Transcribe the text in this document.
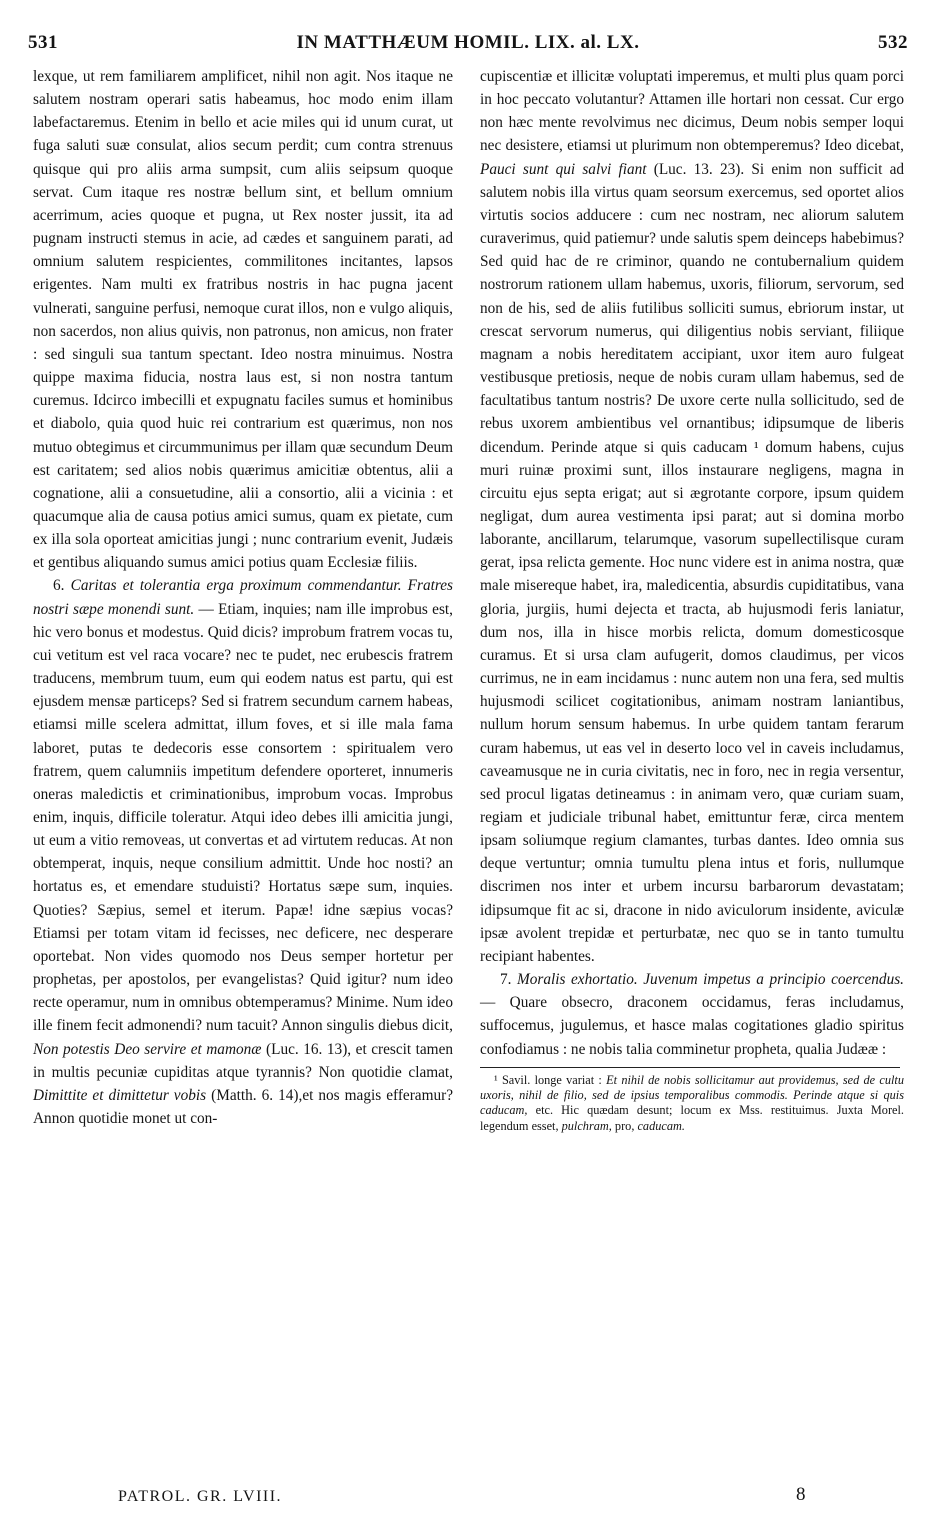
531	IN MATTHÆUM HOMIL. LIX. al. LX.	532

lexque, ut rem familiarem amplificet, nihil non agit. Nos itaque ne salutem nostram operari satis habeamus, hoc modo enim illam labefactaremus. Etenim in bello et acie miles qui id unum curat, ut fuga saluti suæ consulat, alios secum perdit; cum contra strenuus quisque qui pro aliis arma sumpsit, cum aliis seipsum quoque servat. Cum itaque res nostræ bellum sint, et bellum omnium acerrimum, acies quoque et pugna, ut Rex noster jussit, ita ad pugnam instructi stemus in acie, ad cædes et sanguinem parati, ad omnium salutem respicientes, commilitones incitantes, lapsos erigentes. Nam multi ex fratribus nostris in hac pugna jacent vulnerati, sanguine perfusi, nemoque curat illos, non e vulgo aliquis, non sacerdos, non alius quivis, non patronus, non amicus, non frater : sed singuli sua tantum spectant. Ideo nostra minuimus. Nostra quippe maxima fiducia, nostra laus est, si non nostra tantum curemus. Idcirco imbecilli et expugnatu faciles sumus et hominibus et diabolo, quia quod huic rei contrarium est quærimus, non nos mutuo obtegimus et circummunimus per illam quæ secundum Deum est caritatem; sed alios nobis quærimus amicitiæ obtentus, alii a cognatione, alii a consuetudine, alii a consortio, alii a vicinia : et quacumque alia de causa potius amici sumus, quam ex pietate, cum ex illa sola oporteat amicitias jungi ; nunc contrarium evenit, Judæis et gentibus aliquando sumus amici potius quam Ecclesiæ filiis.

6. Caritas et tolerantia erga proximum commendantur. Fratres nostri sæpe monendi sunt. — Etiam, inquies; nam ille improbus est, hic vero bonus et modestus. Quid dicis? improbum fratrem vocas tu, cui vetitum est vel raca vocare? nec te pudet, nec erubescis fratrem traducens, membrum tuum, eum qui eodem natus est partu, qui est ejusdem mensæ particeps? Sed si fratrem secundum carnem habeas, etiamsi mille scelera admittat, illum foves, et si ille mala fama laboret, putas te dedecoris esse consortem : spiritualem vero fratrem, quem calumniis impetitum defendere oporteret, innumeris oneras maledictis et criminationibus, improbum vocas. Improbus enim, inquis, difficile toleratur. Atqui ideo debes illi amicitia jungi, ut eum a vitio removeas, ut convertas et ad virtutem reducas. At non obtemperat, inquis, neque consilium admittit. Unde hoc nosti? an hortatus es, et emendare studuisti? Hortatus sæpe sum, inquies. Quoties? Sæpius, semel et iterum. Papæ! idne sæpius vocas? Etiamsi per totam vitam id fecisses, nec deficere, nec desperare oportebat. Non vides quomodo nos Deus semper hortetur per prophetas, per apostolos, per evangelistas? Quid igitur? num ideo recte operamur, num in omnibus obtemperamus? Minime. Num ideo ille finem fecit admonendi? num tacuit? Annon singulis diebus dicit, Non potestis Deo servire et mamonæ (Luc. 16. 13), et crescit tamen in multis pecuniæ cupiditas atque tyrannis? Non quotidie clamat, Dimittite et dimittetur vobis (Matth. 6. 14),et nos magis efferamur? Annon quotidie monet ut con-

cupiscentiæ et illicitæ voluptati imperemus, et multi plus quam porci in hoc peccato volutantur? Attamen ille hortari non cessat. Cur ergo non hæc mente revolvimus nec dicimus, Deum nobis semper loqui nec desistere, etiamsi ut plurimum non obtemperemus? Ideo dicebat, Pauci sunt qui salvi fiant (Luc. 13. 23). Si enim non sufficit ad salutem nobis illa virtus quam seorsum exercemus, sed oportet alios virtutis socios adducere : cum nec nostram, nec aliorum salutem curaverimus, quid patiemur? unde salutis spem deinceps habebimus? Sed quid hac de re criminor, quando ne contubernalium quidem nostrorum rationem ullam habemus, uxoris, filiorum, servorum, sed non de his, sed de aliis futilibus solliciti sumus, ebriorum instar, ut crescat servorum numerus, qui diligentius nobis serviant, filiique magnam a nobis hereditatem accipiant, uxor item auro fulgeat vestibusque pretiosis, neque de nobis curam ullam habemus, sed de facultatibus tantum nostris? De uxore certe nulla sollicitudo, sed de rebus uxorem ambientibus vel ornantibus; idipsumque de liberis dicendum. Perinde atque si quis caducam ¹ domum habens, cujus muri ruinæ proximi sunt, illos instaurare negligens, magna in circuitu ejus septa erigat; aut si ægrotante corpore, ipsum quidem negligat, dum aurea vestimenta ipsi parat; aut si domina morbo laborante, ancillarum, telarumque, vasorum supellectilisque curam gerat, ipsa relicta gemente. Hoc nunc videre est in anima nostra, quæ male misereque habet, ira, maledicentia, absurdis cupiditatibus, vana gloria, jurgiis, humi dejecta et tracta, ab hujusmodi feris laniatur, dum nos, illa in hisce morbis relicta, domum domesticosque curamus. Et si ursa clam aufugerit, domos claudimus, per vicos currimus, ne in eam incidamus : nunc autem non una fera, sed multis hujusmodi scilicet cogitationibus, animam nostram laniantibus, nullum horum sensum habemus. In urbe quidem tantam ferarum curam habemus, ut eas vel in deserto loco vel in caveis includamus, caveamusque ne in curia civitatis, nec in foro, nec in regia versentur, sed procul ligatas detineamus : in animam vero, quæ curiam suam, regiam et judiciale tribunal habet, emittuntur feræ, circa mentem ipsam soliumque regium clamantes, turbas dantes. Ideo omnia sus deque vertuntur; omnia tumultu plena intus et foris, nullumque discrimen nos inter et urbem incursu barbarorum devastatam; idipsumque fit ac si, dracone in nido aviculorum insidente, aviculæ ipsæ avolent trepidæ et perturbatæ, nec quo se in tanto tumultu recipiant habentes.

7. Moralis exhortatio. Juvenum impetus a principio coercendus. — Quare obsecro, draconem occidamus, feras includamus, suffocemus, jugulemus, et hasce malas cogitationes gladio spiritus confodiamus : ne nobis talia comminetur propheta, qualia Judææ :

¹ Savil. longe variat : Et nihil de nobis sollicitamur aut providemus, sed de cultu uxoris, nihil de filio, sed de ipsius temporalibus commodis. Perinde atque si quis caducam, etc. Hic quædam desunt; locum ex Mss. restituimus. Juxta Morel. legendum esset, pulchram, pro, caducam.

PATROL. GR. LVIII.	8
